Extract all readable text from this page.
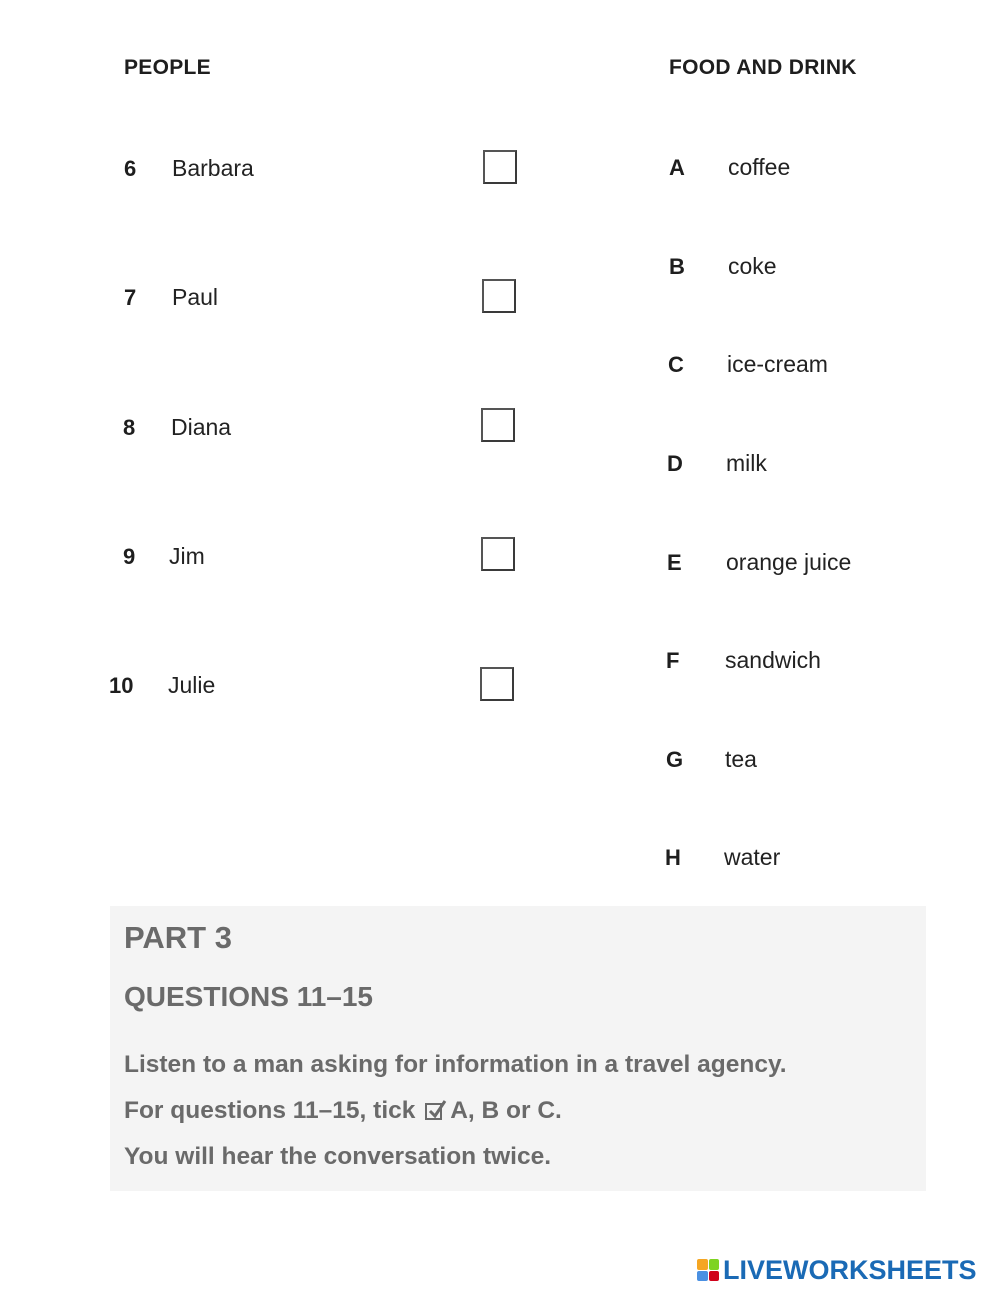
PEOPLE	FOOD AND DRINK
6 Barbara
7 Paul
8 Diana
9 Jim
10 Julie
A coffee
B coke
C ice-cream
D milk
E orange juice
F sandwich
G tea
H water
PART 3
QUESTIONS 11–15
Listen to a man asking for information in a travel agency.
For questions 11–15, tick A, B or C.
You will hear the conversation twice.
LIVEWORKSHEETS
